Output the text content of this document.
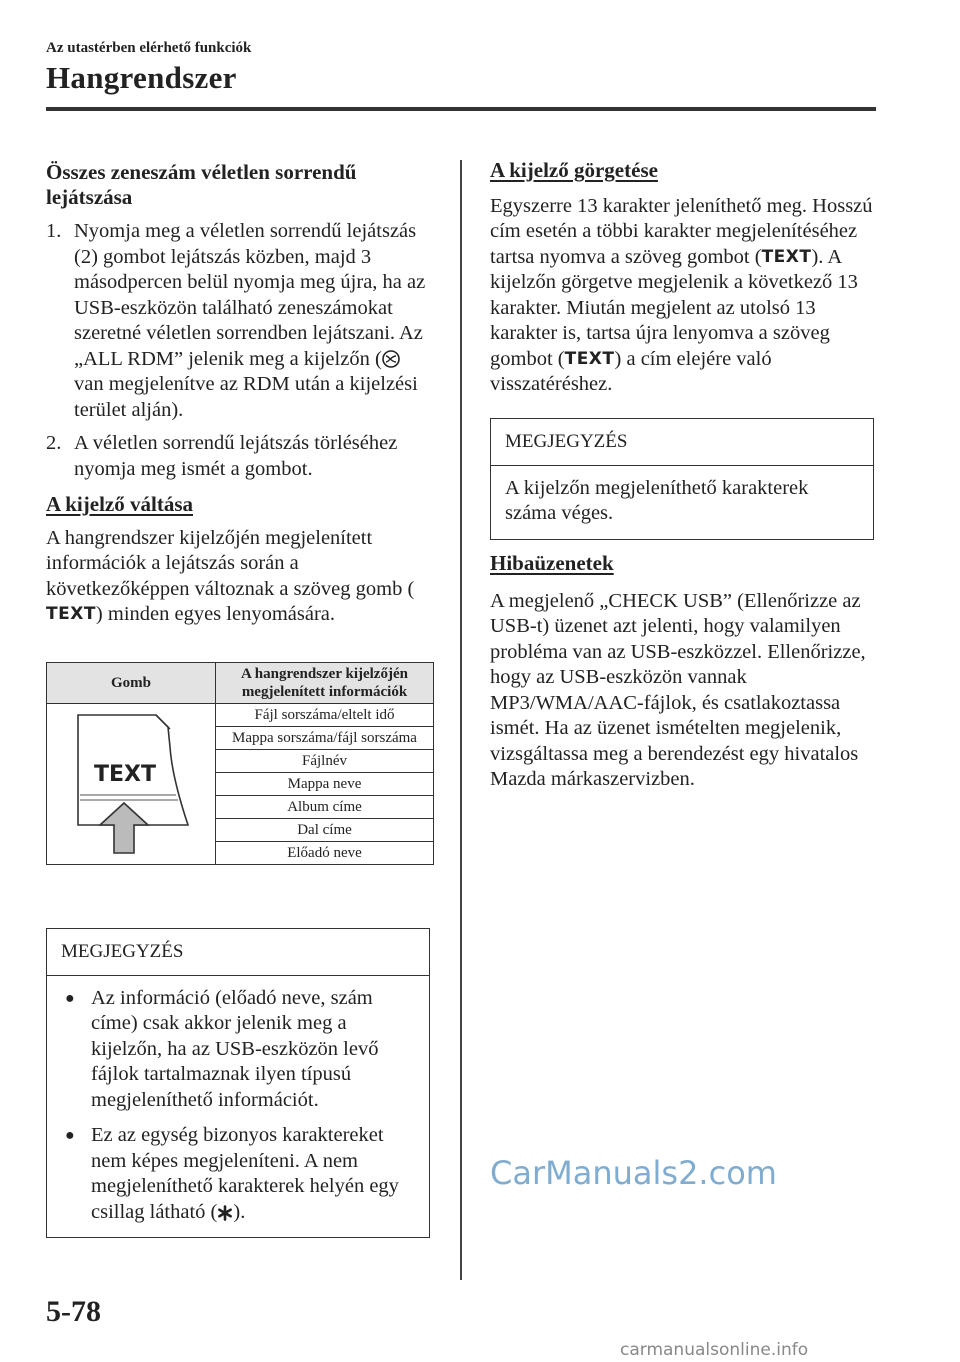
Az utastérben elérhető funkciók
Hangrendszer
Összes zeneszám véletlen sorrendű lejátszása
1. Nyomja meg a véletlen sorrendű lejátszás (2) gombot lejátszás közben, majd 3 másodpercen belül nyomja meg újra, ha az USB-eszközön található zeneszámokat szeretné véletlen sorrendben lejátszani. Az „ALL RDM” jelenik meg a kijelzőn ( van megjelenítve az RDM után a kijelzési terület alján).
2. A véletlen sorrendű lejátszás törléséhez nyomja meg ismét a gombot.
A kijelző váltása

A hangrendszer kijelzőjén megjelenített információk a lejátszás során a következőképpen változnak a szöveg gomb (TEXT) minden egyes lenyomására.

Gomb	A hangrendszer kijelzőjén megjelenített információk

TEXT	Fájl sorszáma/eltelt idő
	Mappa sorszáma/fájl sorszáma
	Fájlnév
	Mappa neve
	Album címe
	Dal címe
	Előadó neve
MEGJEGYZÉS
● Az információ (előadó neve, szám címe) csak akkor jelenik meg a kijelzőn, ha az USB-eszközön levő fájlok tartalmaznak ilyen típusú megjeleníthető információt.
● Ez az egység bizonyos karaktereket nem képes megjeleníteni. A nem megjeleníthető karakterek helyén egy csillag látható ( ).
A kijelző görgetése

Egyszerre 13 karakter jeleníthető meg. Hosszú cím esetén a többi karakter megjelenítéséhez tartsa nyomva a szöveg gombot (TEXT). A kijelzőn görgetve megjelenik a következő 13 karakter. Miután megjelent az utolsó 13 karakter is, tartsa újra lenyomva a szöveg gombot (TEXT) a cím elejére való visszatéréshez.

MEGJEGYZÉS
A kijelzőn megjeleníthető karakterek száma véges.
Hibaüzenetek

A megjelenő „CHECK USB” (Ellenőrizze az USB-t) üzenet azt jelenti, hogy valamilyen probléma van az USB-eszközzel. Ellenőrizze, hogy az USB-eszközön vannak MP3/WMA/AAC-fájlok, és csatlakoztassa ismét. Ha az üzenet ismételten megjelenik, vizsgáltassa meg a berendezést egy hivatalos Mazda márkaszervizben.

5-78
CarManuals2.com
carmanualsonline.info
